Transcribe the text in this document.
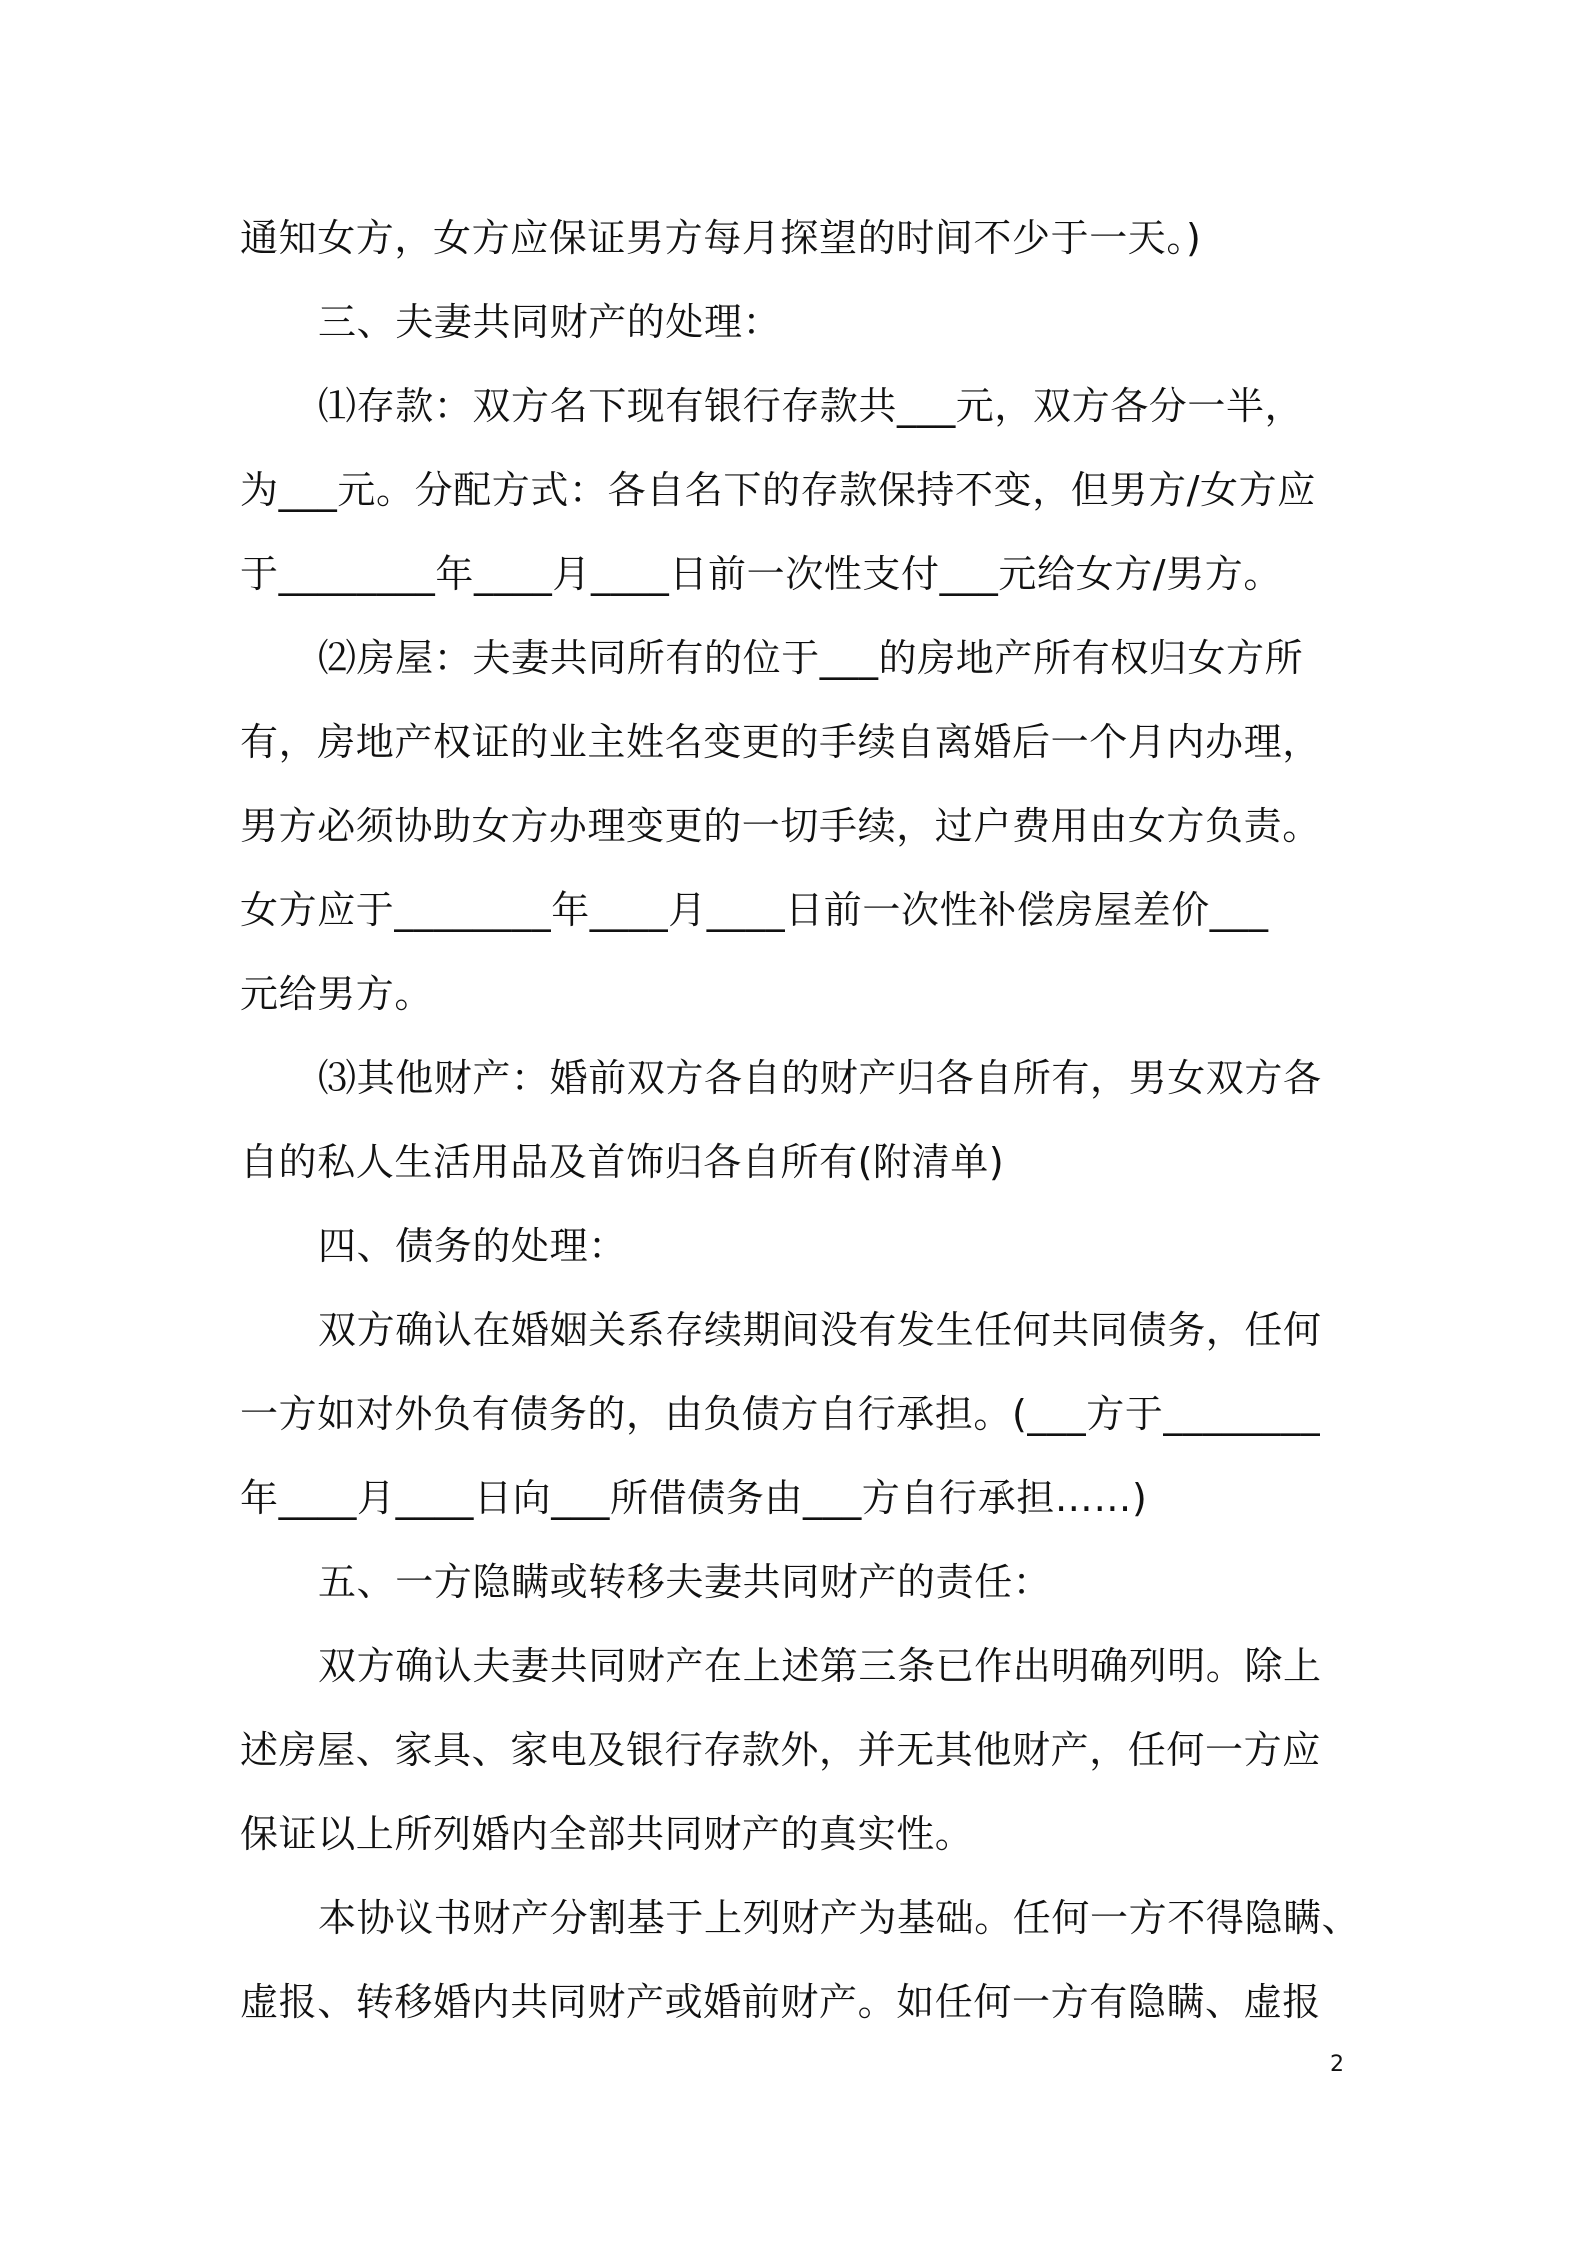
通知女方，女方应保证男方每月探望的时间不少于一天。)
三、夫妻共同财产的处理：
⑴存款：双方名下现有银行存款共___元，双方各分一半，
为___元。分配方式：各自名下的存款保持不变，但男方/女方应
于________年____月____日前一次性支付___元给女方/男方。
⑵房屋：夫妻共同所有的位于___的房地产所有权归女方所
有，房地产权证的业主姓名变更的手续自离婚后一个月内办理，
男方必须协助女方办理变更的一切手续，过户费用由女方负责。
女方应于________年____月____日前一次性补偿房屋差价___
元给男方。
⑶其他财产：婚前双方各自的财产归各自所有，男女双方各
自的私人生活用品及首饰归各自所有(附清单)
四、债务的处理：
双方确认在婚姻关系存续期间没有发生任何共同债务，任何
一方如对外负有债务的，由负债方自行承担。(___方于________
年____月____日向___所借债务由___方自行承担……)
五、一方隐瞒或转移夫妻共同财产的责任：
双方确认夫妻共同财产在上述第三条已作出明确列明。除上
述房屋、家具、家电及银行存款外，并无其他财产，任何一方应
保证以上所列婚内全部共同财产的真实性。
本协议书财产分割基于上列财产为基础。任何一方不得隐瞒、
虚报、转移婚内共同财产或婚前财产。如任何一方有隐瞒、虚报
2
